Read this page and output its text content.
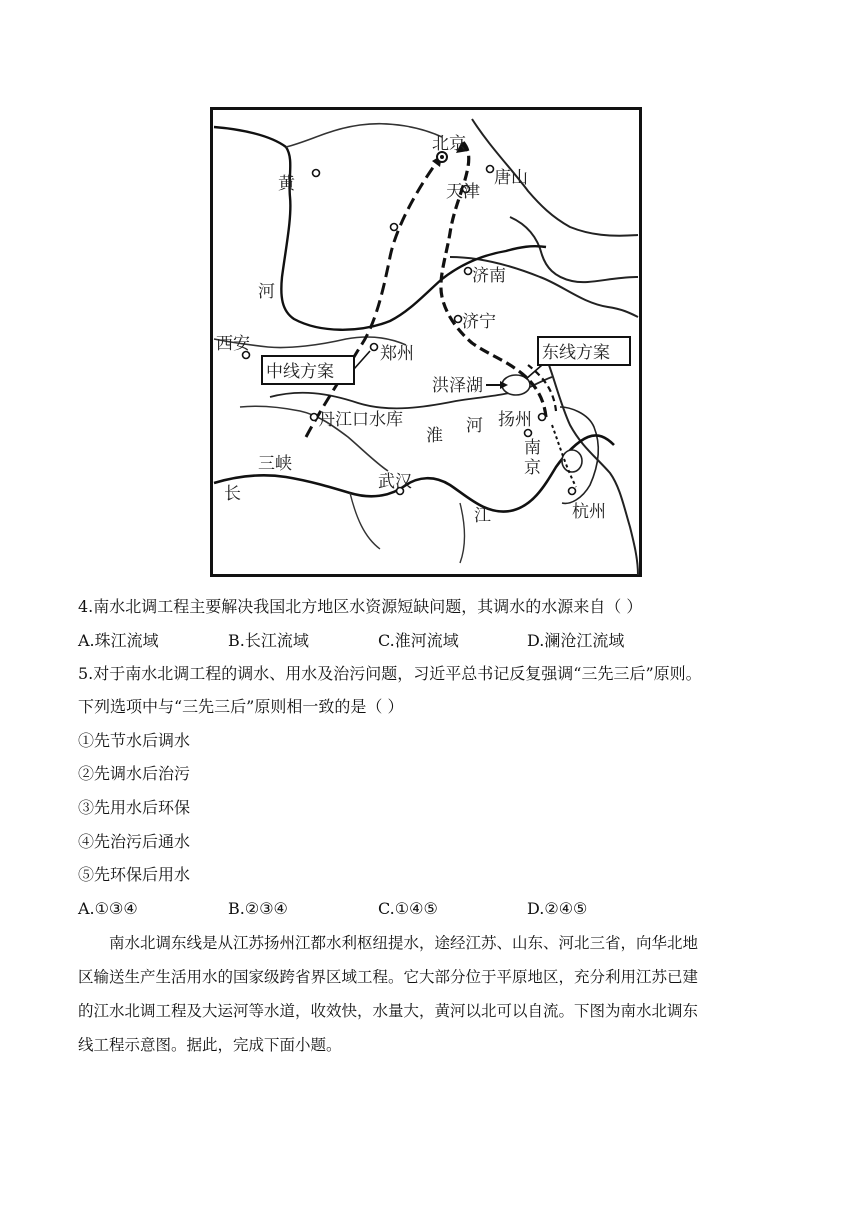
北京
天津
唐山
济南
济宁
西安	郑州
洪泽湖
扬州
南
京
杭州
武汉
丹江口水库
三峡
黄
河
淮 河
长
江
中线方案
东线方案
4.南水北调工程主要解决我国北方地区水资源短缺问题，其调水的水源来自（ ）
A.珠江流域	B.长江流域	C.淮河流域	D.澜沧江流域
5.对于南水北调工程的调水、用水及治污问题，习近平总书记反复强调“三先三后”原则。
下列选项中与“三先三后”原则相一致的是（ ）
①先节水后调水
②先调水后治污
③先用水后环保
④先治污后通水
⑤先环保后用水
A.①③④	B.②③④	C.①④⑤	D.②④⑤
南水北调东线是从江苏扬州江都水利枢纽提水，途经江苏、山东、河北三省，向华北地
区输送生产生活用水的国家级跨省界区域工程。它大部分位于平原地区，充分利用江苏已建
的江水北调工程及大运河等水道，收效快，水量大，黄河以北可以自流。下图为南水北调东
线工程示意图。据此，完成下面小题。
